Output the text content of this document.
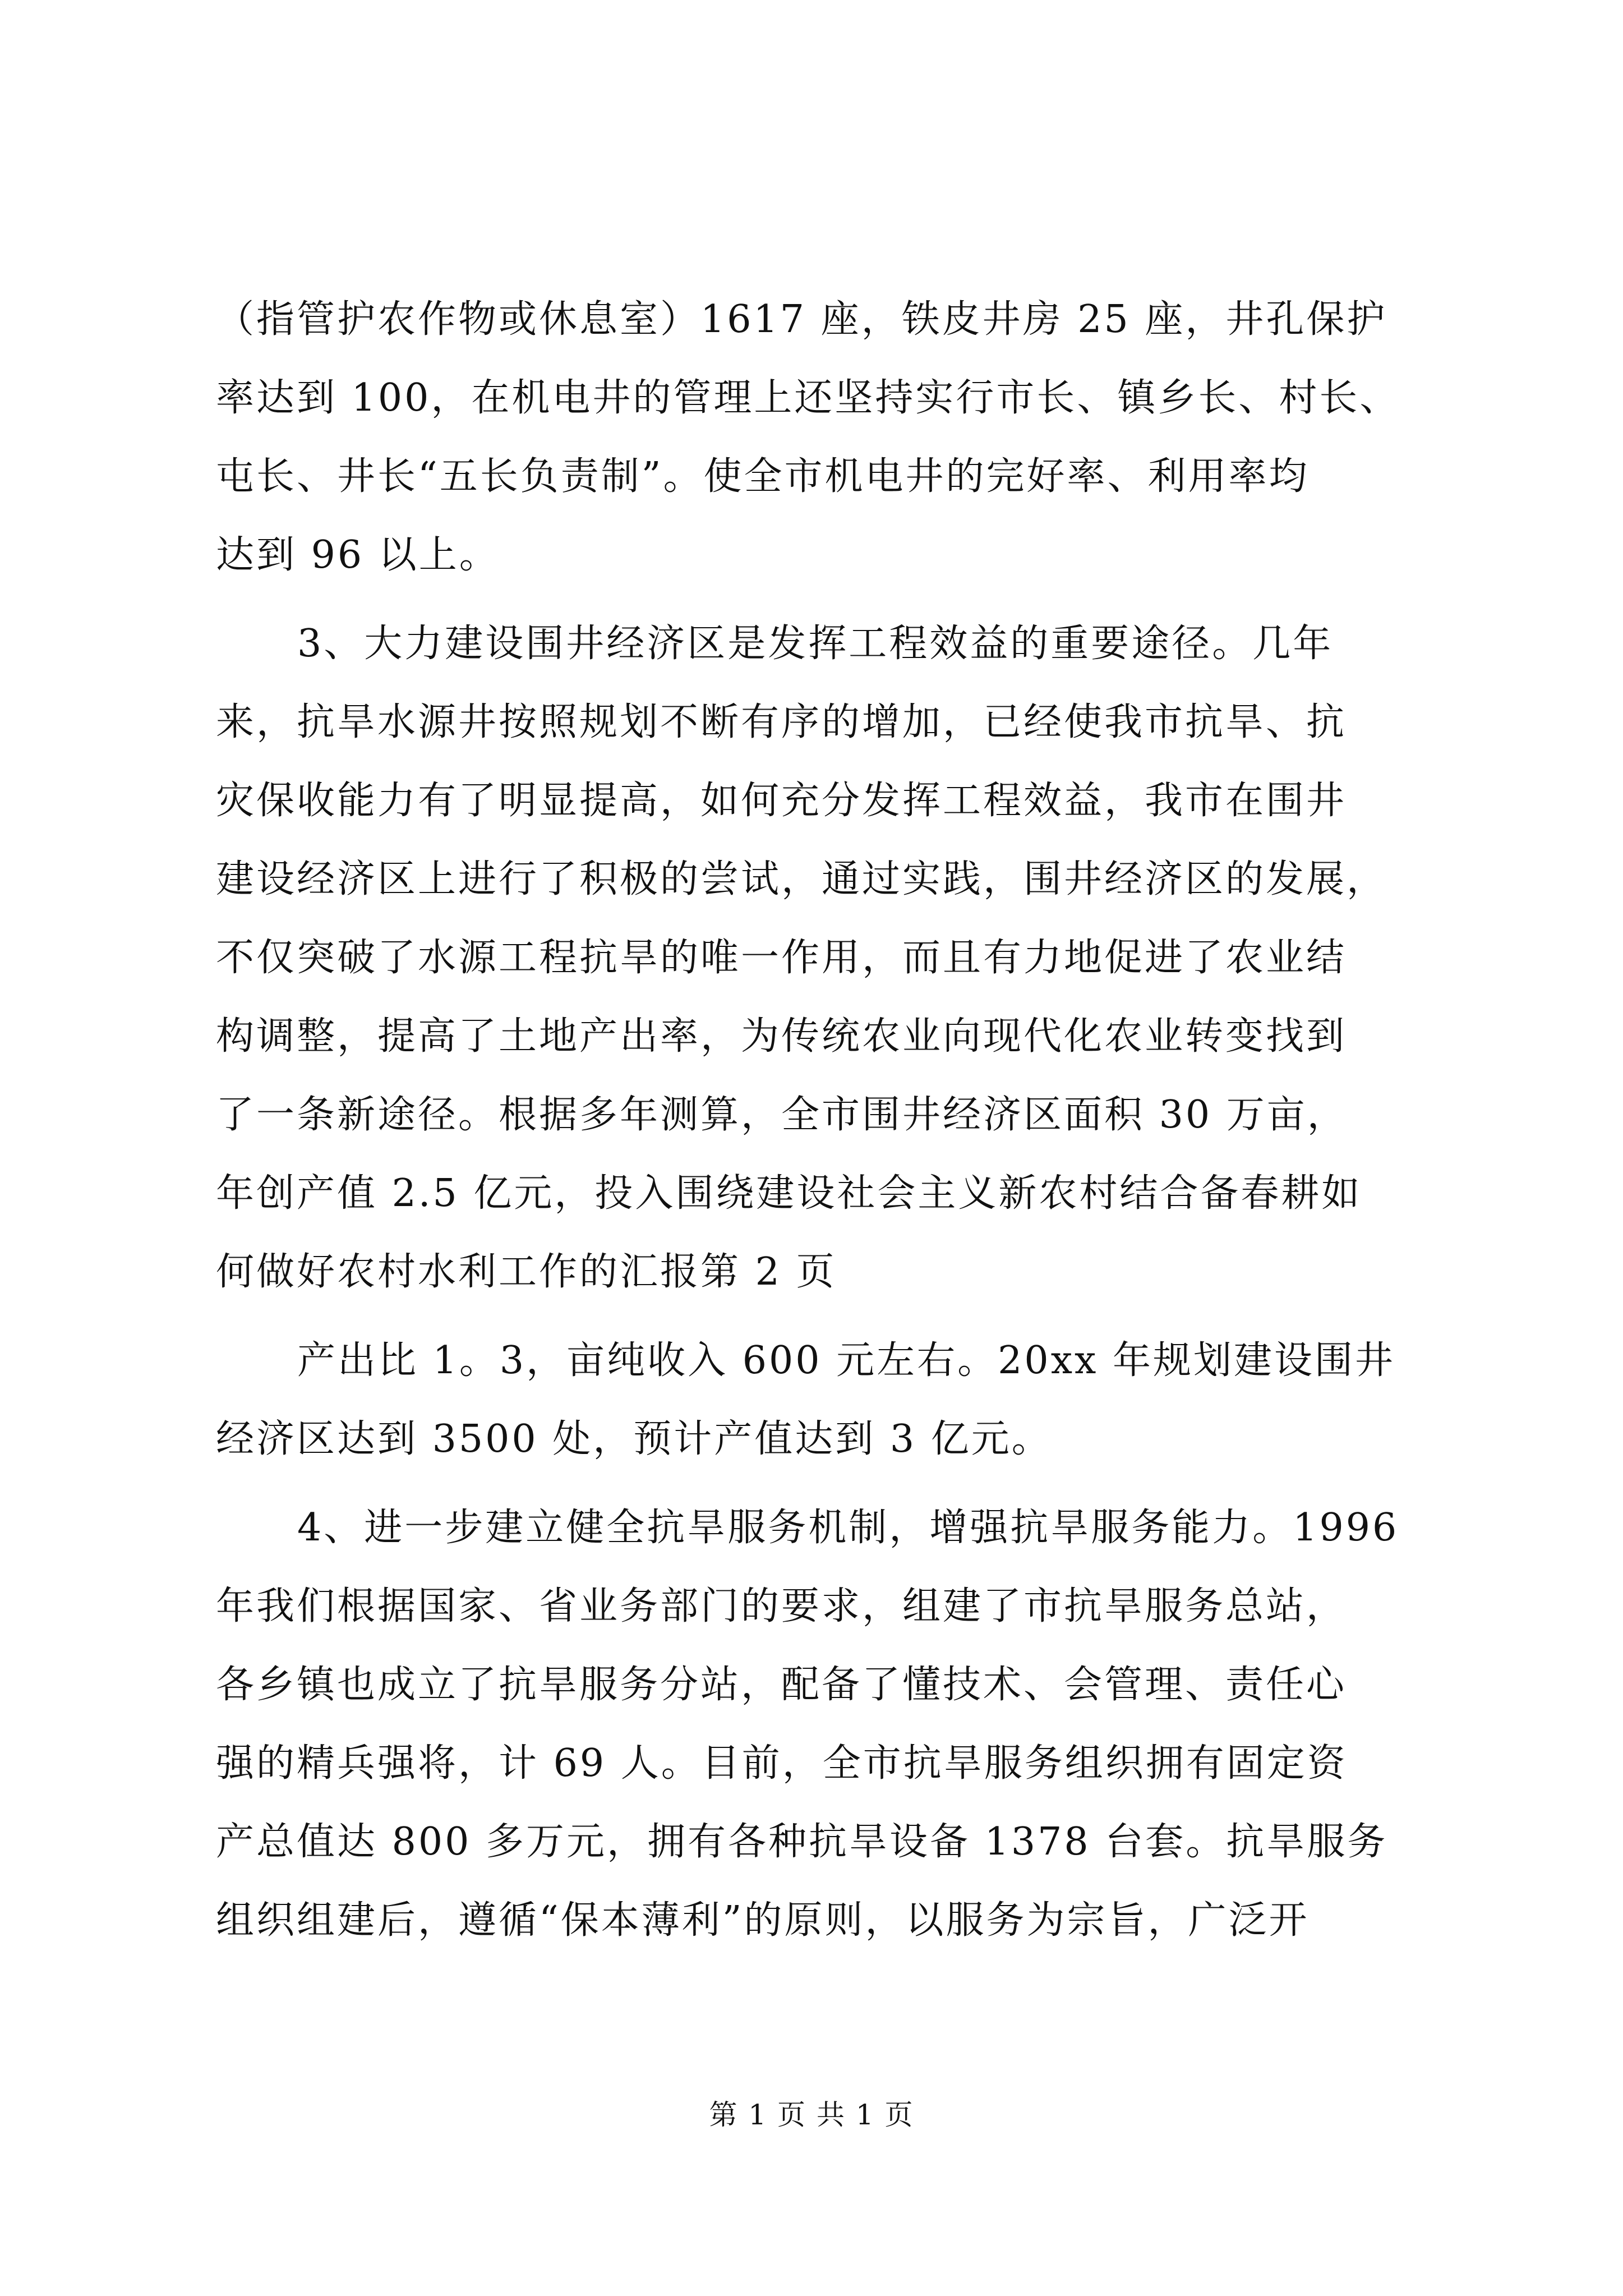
（指管护农作物或休息室）1617 座，铁皮井房 25 座，井孔保护
率达到 100，在机电井的管理上还坚持实行市长、镇乡长、村长、
屯长、井长“五长负责制”。使全市机电井的完好率、利用率均
达到 96 以上。
3、大力建设围井经济区是发挥工程效益的重要途径。几年
来，抗旱水源井按照规划不断有序的增加，已经使我市抗旱、抗
灾保收能力有了明显提高，如何充分发挥工程效益，我市在围井
建设经济区上进行了积极的尝试，通过实践，围井经济区的发展，
不仅突破了水源工程抗旱的唯一作用，而且有力地促进了农业结
构调整，提高了土地产出率，为传统农业向现代化农业转变找到
了一条新途径。根据多年测算，全市围井经济区面积 30 万亩，
年创产值 2.5 亿元，投入围绕建设社会主义新农村结合备春耕如
何做好农村水利工作的汇报第 2 页
产出比 1。3，亩纯收入 600 元左右。20xx 年规划建设围井
经济区达到 3500 处，预计产值达到 3 亿元。
4、进一步建立健全抗旱服务机制，增强抗旱服务能力。1996
年我们根据国家、省业务部门的要求，组建了市抗旱服务总站，
各乡镇也成立了抗旱服务分站，配备了懂技术、会管理、责任心
强的精兵强将，计 69 人。目前，全市抗旱服务组织拥有固定资
产总值达 800 多万元，拥有各种抗旱设备 1378 台套。抗旱服务
组织组建后，遵循“保本薄利”的原则，以服务为宗旨，广泛开
第 1 页 共 1 页
